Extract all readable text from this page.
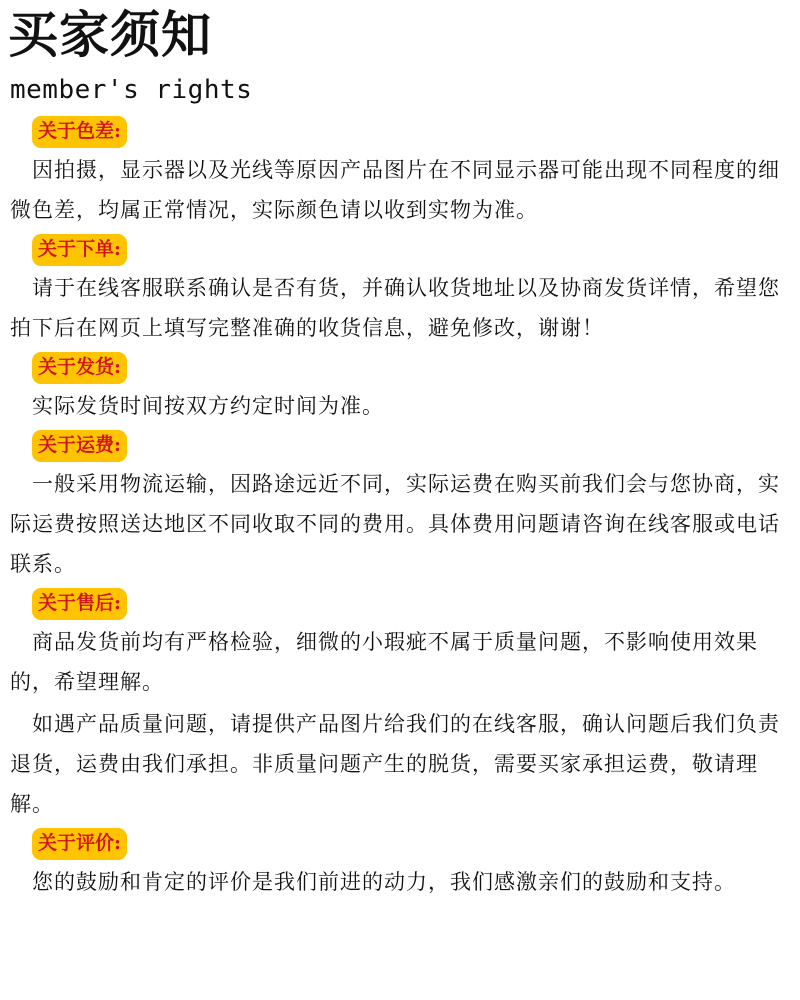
买家须知
member's rights
关于色差:

因拍摄，显示器以及光线等原因产品图片在不同显示器可能出现不同程度的细微色差，均属正常情况，实际颜色请以收到实物为准。

关于下单:

请于在线客服联系确认是否有货，并确认收货地址以及协商发货详情，希望您拍下后在网页上填写完整准确的收货信息，避免修改，谢谢！

关于发货:

实际发货时间按双方约定时间为准。

关于运费:

一般采用物流运输，因路途远近不同，实际运费在购买前我们会与您协商，实际运费按照送达地区不同收取不同的费用。具体费用问题请咨询在线客服或电话联系。

关于售后:

商品发货前均有严格检验，细微的小瑕疵不属于质量问题，不影响使用效果的，希望理解。

如遇产品质量问题，请提供产品图片给我们的在线客服，确认问题后我们负责退货，运费由我们承担。非质量问题产生的脱货，需要买家承担运费，敬请理解。

关于评价:

您的鼓励和肯定的评价是我们前进的动力，我们感激亲们的鼓励和支持。
